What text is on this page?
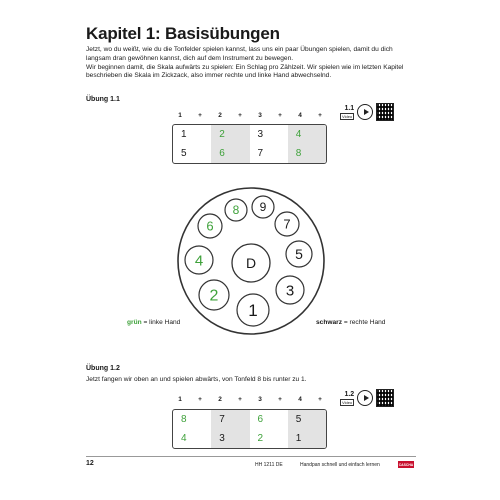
Kapitel 1: Basisübungen

Jetzt, wo du weißt, wie du die Tonfelder spielen kannst, lass uns ein paar Übungen spielen, damit du dich langsam dran gewöhnen kannst, dich auf dem Instrument zu bewegen.

Wir beginnen damit, die Skala aufwärts zu spielen: Ein Schlag pro Zählzeit. Wir spielen wie im letzten Kapitel beschrieben die Skala im Zickzack, also immer rechte und linke Hand abwechselnd.

Übung 1.1
1	+	2	+	3	+	4	+
1	2	3	4
5	6	7	8
1.1
Video
D
8 9
7
6
5
4
3
2
1
grün = linke Hand	schwarz = rechte Hand
Übung 1.2
Jetzt fangen wir oben an und spielen abwärts, von Tonfeld 8 bis runter zu 1.
1	+	2	+	3	+	4	+
8	7	6	5
4	3	2	1
1.2
Video
12	HH 1211 DE	Handpan schnell und einfach lernen	CASCHA
